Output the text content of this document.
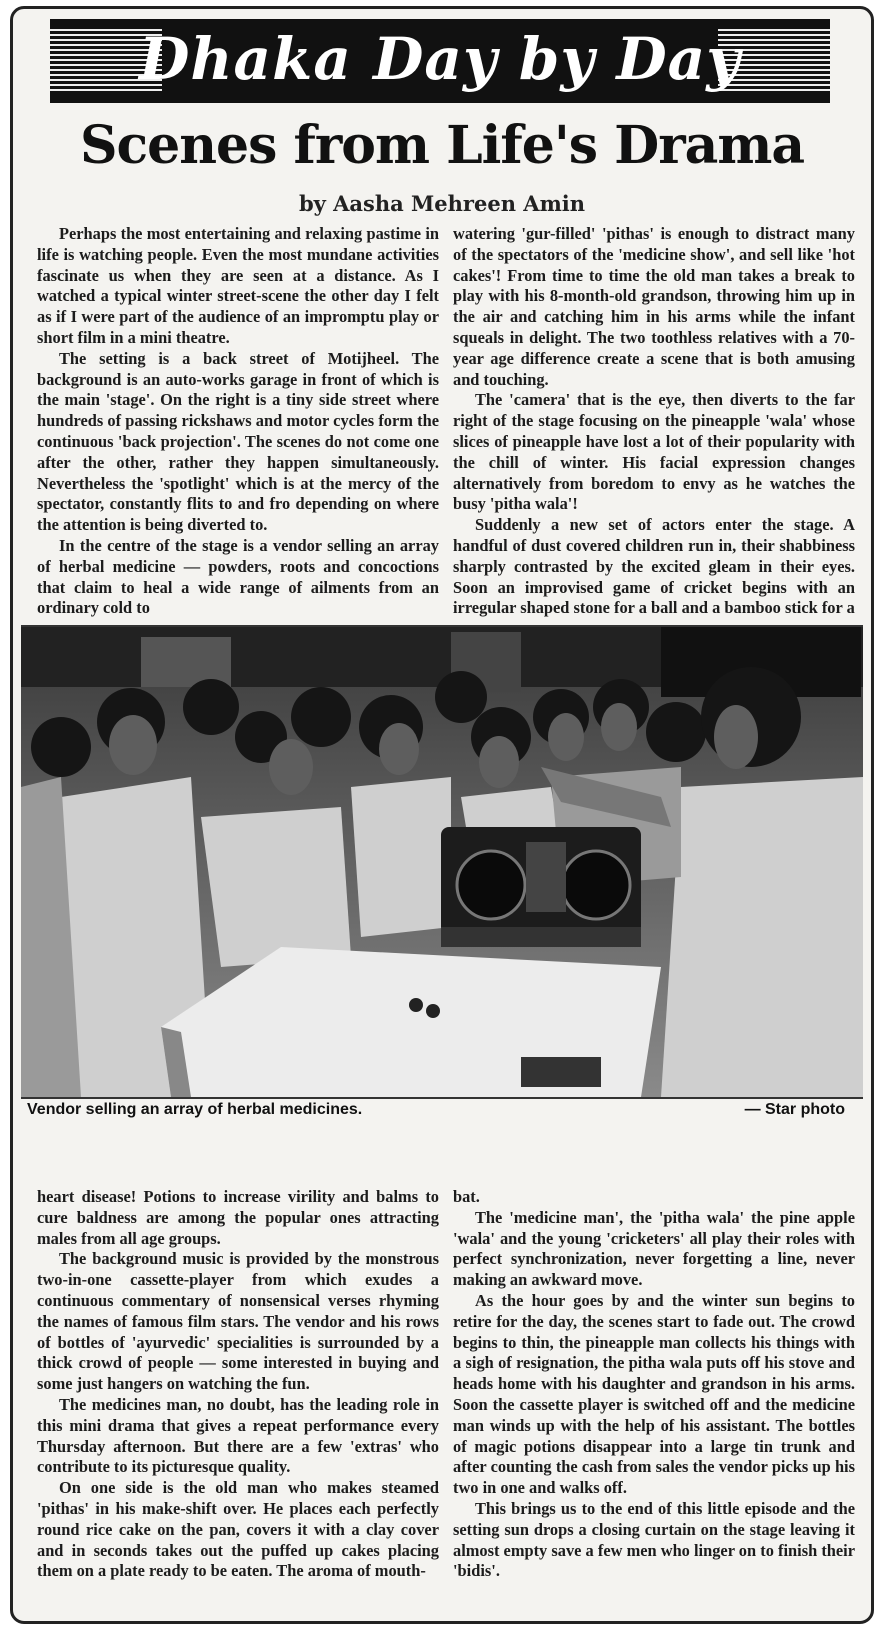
Dhaka Day by Day
Scenes from Life's Drama
by Aasha Mehreen Amin

Perhaps the most entertaining and relaxing pastime in life is watching people. Even the most mundane activities fascinate us when they are seen at a distance. As I watched a typical winter street-scene the other day I felt as if I were part of the audience of an impromptu play or short film in a mini theatre.

The setting is a back street of Motijheel. The background is an auto-works garage in front of which is the main 'stage'. On the right is a tiny side street where hundreds of passing rickshaws and motor cycles form the continuous 'back projection'. The scenes do not come one after the other, rather they happen simultaneously. Nevertheless the 'spotlight' which is at the mercy of the spectator, constantly flits to and fro depending on where the attention is being diverted to.

In the centre of the stage is a vendor selling an array of herbal medicine — powders, roots and concoctions that claim to heal a wide range of ailments from an ordinary cold to

watering 'gur-filled' 'pithas' is enough to distract many of the spectators of the 'medicine show', and sell like 'hot cakes'! From time to time the old man takes a break to play with his 8-month-old grandson, throwing him up in the air and catching him in his arms while the infant squeals in delight. The two toothless relatives with a 70-year age difference create a scene that is both amusing and touching.

The 'camera' that is the eye, then diverts to the far right of the stage focusing on the pineapple 'wala' whose slices of pineapple have lost a lot of their popularity with the chill of winter. His facial expression changes alternatively from boredom to envy as he watches the busy 'pitha wala'!

Suddenly a new set of actors enter the stage. A handful of dust covered children run in, their shabbiness sharply contrasted by the excited gleam in their eyes. Soon an improvised game of cricket begins with an irregular shaped stone for a ball and a bamboo stick for a

Vendor selling an array of herbal medicines.	— Star photo

heart disease! Potions to increase virility and balms to cure baldness are among the popular ones attracting males from all age groups.

The background music is provided by the monstrous two-in-one cassette-player from which exudes a continuous commentary of nonsensical verses rhyming the names of famous film stars. The vendor and his rows of bottles of 'ayurvedic' specialities is surrounded by a thick crowd of people — some interested in buying and some just hangers on watching the fun.

The medicines man, no doubt, has the leading role in this mini drama that gives a repeat performance every Thursday afternoon. But there are a few 'extras' who contribute to its picturesque quality.

On one side is the old man who makes steamed 'pithas' in his make-shift over. He places each perfectly round rice cake on the pan, covers it with a clay cover and in seconds takes out the puffed up cakes placing them on a plate ready to be eaten. The aroma of mouth-

bat.

The 'medicine man', the 'pitha wala' the pine apple 'wala' and the young 'cricketers' all play their roles with perfect synchronization, never forgetting a line, never making an awkward move.

As the hour goes by and the winter sun begins to retire for the day, the scenes start to fade out. The crowd begins to thin, the pineapple man collects his things with a sigh of resignation, the pitha wala puts off his stove and heads home with his daughter and grandson in his arms. Soon the cassette player is switched off and the medicine man winds up with the help of his assistant. The bottles of magic potions disappear into a large tin trunk and after counting the cash from sales the vendor picks up his two in one and walks off.

This brings us to the end of this little episode and the setting sun drops a closing curtain on the stage leaving it almost empty save a few men who linger on to finish their 'bidis'.
